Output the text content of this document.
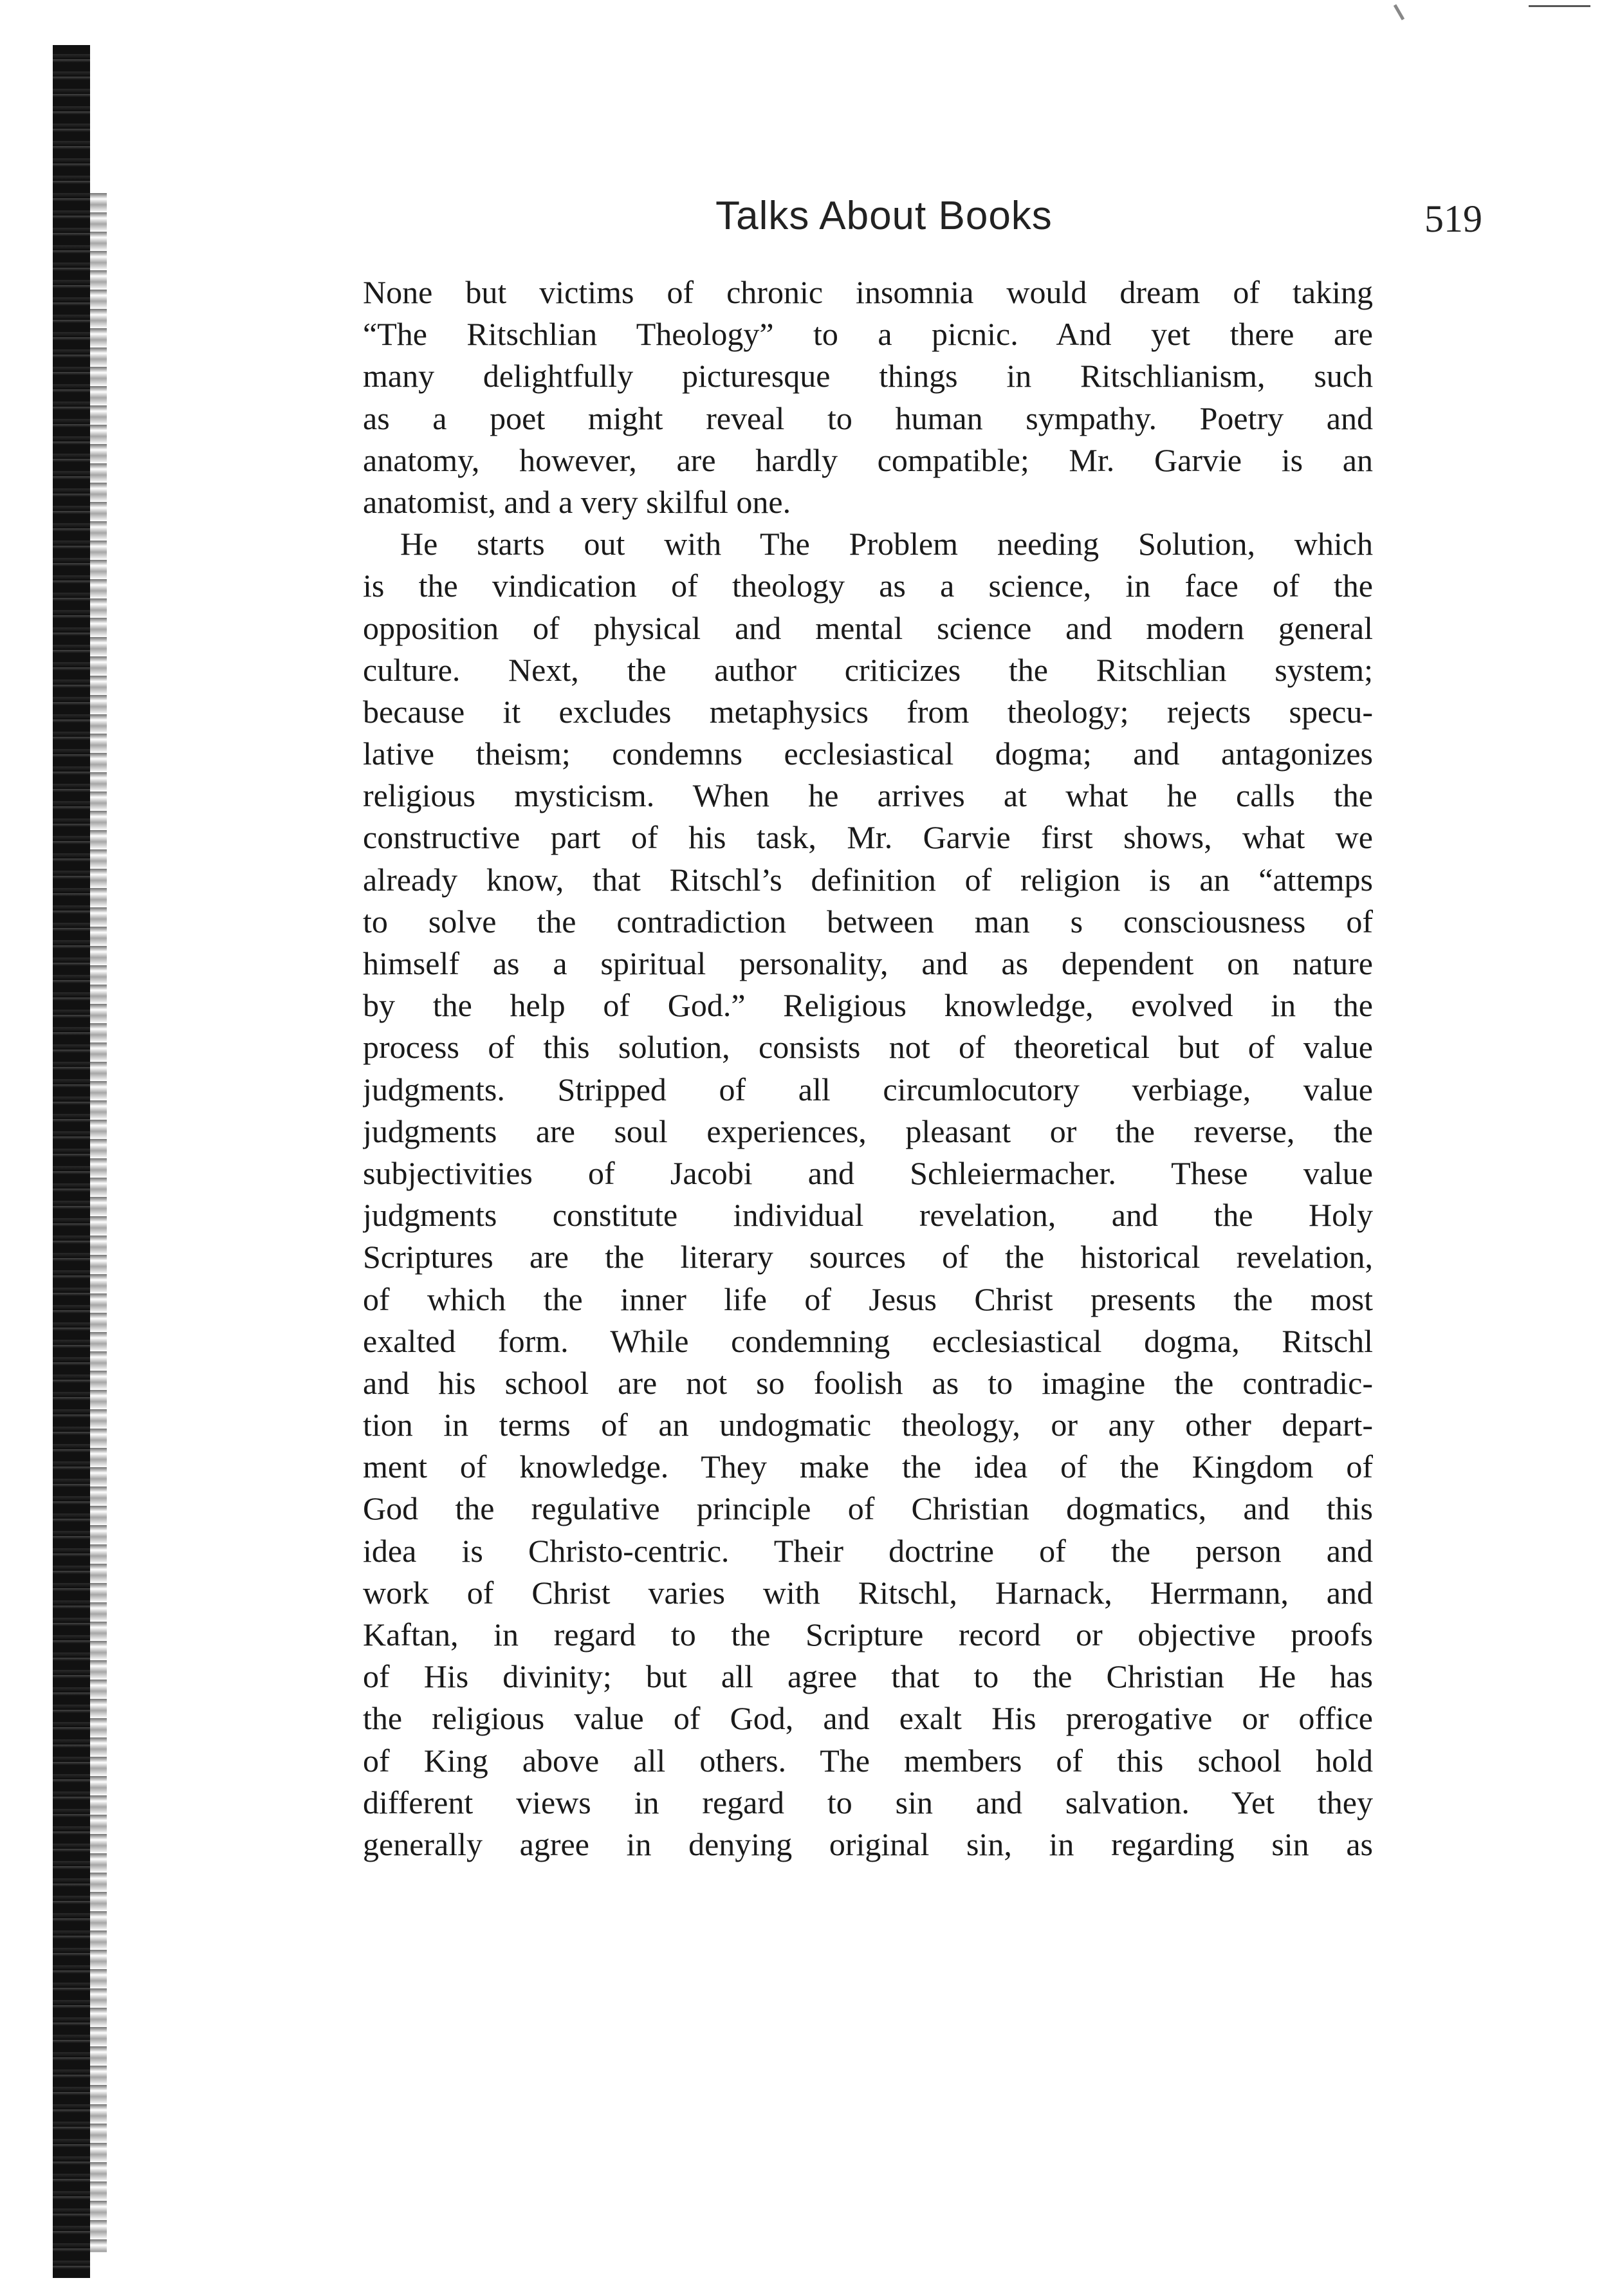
Talks About Books	519
None but victims of chronic insomnia would dream of taking
“The Ritschlian Theology” to a picnic. And yet there are
many delightfully picturesque things in Ritschlianism, such
as a poet might reveal to human sympathy. Poetry and
anatomy, however, are hardly compatible; Mr. Garvie is an
anatomist, and a very skilful one.
He starts out with The Problem needing Solution, which
is the vindication of theology as a science, in face of the
opposition of physical and mental science and modern general
culture. Next, the author criticizes the Ritschlian system;
because it excludes metaphysics from theology; rejects specu-
lative theism; condemns ecclesiastical dogma; and antagonizes
religious mysticism. When he arrives at what he calls the
constructive part of his task, Mr. Garvie first shows, what we
already know, that Ritschl’s definition of religion is an “attemps
to solve the contradiction between man s consciousness of
himself as a spiritual personality, and as dependent on nature
by the help of God.” Religious knowledge, evolved in the
process of this solution, consists not of theoretical but of value
judgments. Stripped of all circumlocutory verbiage, value
judgments are soul experiences, pleasant or the reverse, the
subjectivities of Jacobi and Schleiermacher. These value
judgments constitute individual revelation, and the Holy
Scriptures are the literary sources of the historical revelation,
of which the inner life of Jesus Christ presents the most
exalted form. While condemning ecclesiastical dogma, Ritschl
and his school are not so foolish as to imagine the contradic-
tion in terms of an undogmatic theology, or any other depart-
ment of knowledge. They make the idea of the Kingdom of
God the regulative principle of Christian dogmatics, and this
idea is Christo-centric. Their doctrine of the person and
work of Christ varies with Ritschl, Harnack, Herrmann, and
Kaftan, in regard to the Scripture record or objective proofs
of His divinity; but all agree that to the Christian He has
the religious value of God, and exalt His prerogative or office
of King above all others. The members of this school hold
different views in regard to sin and salvation. Yet they
generally agree in denying original sin, in regarding sin as
